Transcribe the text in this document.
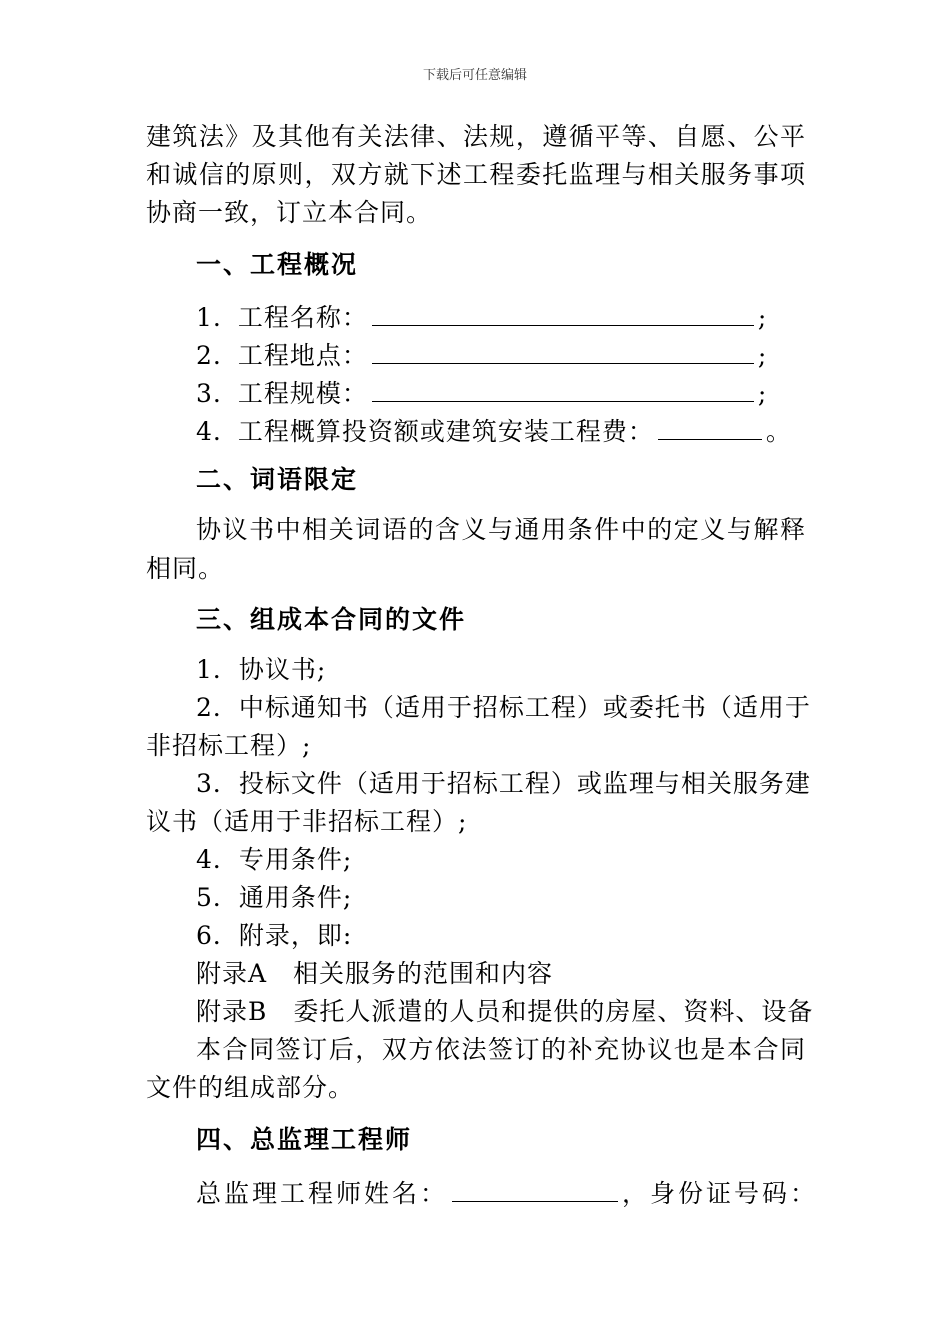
下载后可任意编辑
建筑法》及其他有关法律、法规，遵循平等、自愿、公平
和诚信的原则，双方就下述工程委托监理与相关服务事项
协商一致，订立本合同。
一、工程概况
1. 工程名称：	;
2. 工程地点：	;
3. 工程规模：	;
4. 工程概算投资额或建筑安装工程费：	。
二、词语限定
协议书中相关词语的含义与通用条件中的定义与解释
相同。
三、组成本合同的文件
1．协议书;
2．中标通知书（适用于招标工程）或委托书（适用于
非招标工程）;
3．投标文件（适用于招标工程）或监理与相关服务建
议书（适用于非招标工程）;
4．专用条件;
5．通用条件;
6．附录，即:
附录A　相关服务的范围和内容
附录B　委托人派遣的人员和提供的房屋、资料、设备
本合同签订后，双方依法签订的补充协议也是本合同
文件的组成部分。
四、总监理工程师
总监理工程师姓名：	，身份证号码：
